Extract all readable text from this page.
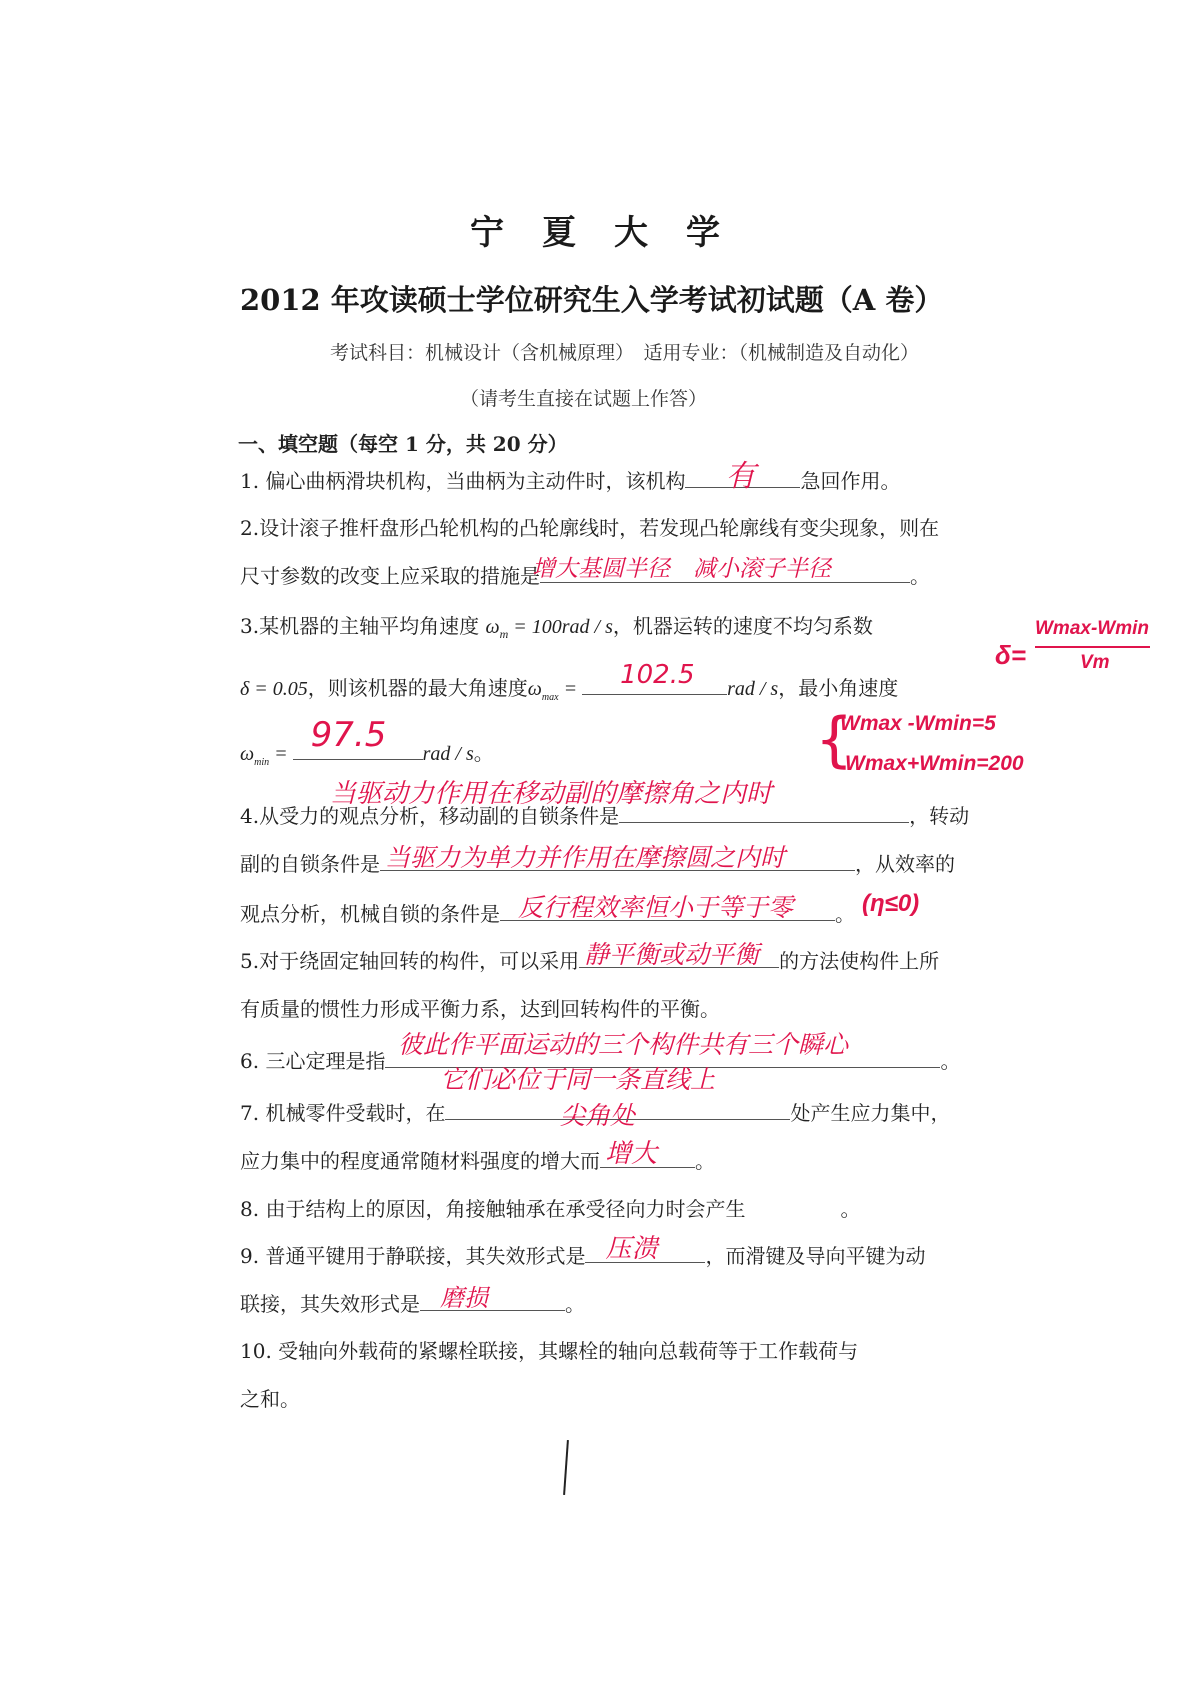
宁夏大学
2012 年攻读硕士学位研究生入学考试初试题（A 卷）
考试科目：机械设计（含机械原理）　适用专业：（机械制造及自动化）
（请考生直接在试题上作答）
一、填空题（每空 1 分，共 20 分）
1. 偏心曲柄滑块机构，当曲柄为主动件时，该机构 有 急回作用。
2.设计滚子推杆盘形凸轮机构的凸轮廓线时，若发现凸轮廓线有变尖现象，则在
尺寸参数的改变上应采取的措施是
增大基圆半径　减小滚子半径	。
3.某机器的主轴平均角速度 $\omega_m = 100rad / s$，机器运转的速度不均匀系数
δ = 0.05，则该机器的最大角速度$\omega_{max} = 102.5$ rad / s，最小角速度
$\omega_{min} = 97.5$ rad / s。
δ=
Wmax-Wmin
Vm
{
Wmax -Wmin=5
Wmax+Wmin=200
当驱动力作用在移动副的摩擦角之内时
4.从受力的观点分析，移动副的自锁条件是	，转动
副的自锁条件是 当驱力为单力并作用在摩擦圆之内时	，从效率的
观点分析，机械自锁的条件是 反行程效率恒小于等于零 。 (η≤0)
5.对于绕固定轴回转的构件，可以采用 静平衡或动平衡 的方法使构件上所
有质量的惯性力形成平衡力系，达到回转构件的平衡。
彼此作平面运动的三个构件共有三个瞬心
6. 三心定理是指	。
它们必位于同一条直线上
尖角处
7. 机械零件受载时，在	处产生应力集中，
应力集中的程度通常随材料强度的增大而 增大 。
8. 由于结构上的原因，角接触轴承在承受径向力时会产生	。
9. 普通平键用于静联接，其失效形式是 压溃 ，而滑键及导向平键为动
联接，其失效形式是 磨损	。
10. 受轴向外载荷的紧螺栓联接，其螺栓的轴向总载荷等于工作载荷与
之和。
